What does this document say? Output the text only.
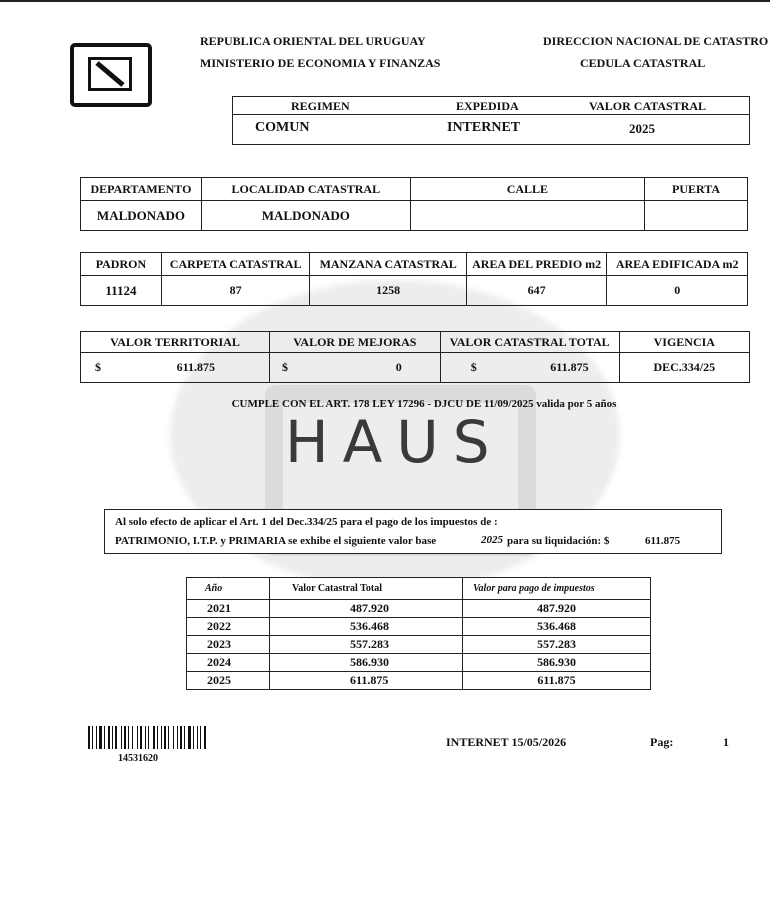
HAUS
REPUBLICA ORIENTAL DEL URUGUAY
MINISTERIO DE ECONOMIA Y FINANZAS
DIRECCION NACIONAL DE CATASTRO
CEDULA CATASTRAL
REGIMEN	EXPEDIDA	VALOR CATASTRAL
COMUN	INTERNET	2025
DEPARTAMENTO	LOCALIDAD CATASTRAL	CALLE	PUERTA
MALDONADO	MALDONADO		
PADRON	CARPETA CATASTRAL	MANZANA CATASTRAL	AREA DEL PREDIO m2	AREA EDIFICADA m2
11124	87	1258	647	0
VALOR TERRITORIAL	VALOR DE MEJORAS	VALOR CATASTRAL TOTAL	VIGENCIA

$ 611.875	$ 0	$ 611.875	DEC.334/25
CUMPLE CON EL ART. 178 LEY 17296 - DJCU DE 11/09/2025 valida por 5 años
Al solo efecto de aplicar el Art. 1 del Dec.334/25 para el pago de los impuestos de :
PATRIMONIO, I.T.P. y PRIMARIA se exhibe el siguiente valor base	2025 para su liquidación: $	611.875
Año	Valor Catastral Total	Valor para pago de impuestos
2021	487.920	487.920
2022	536.468	536.468
2023	557.283	557.283
2024	586.930	586.930
2025	611.875	611.875
14531620
INTERNET 15/05/2026	Pag:	1
